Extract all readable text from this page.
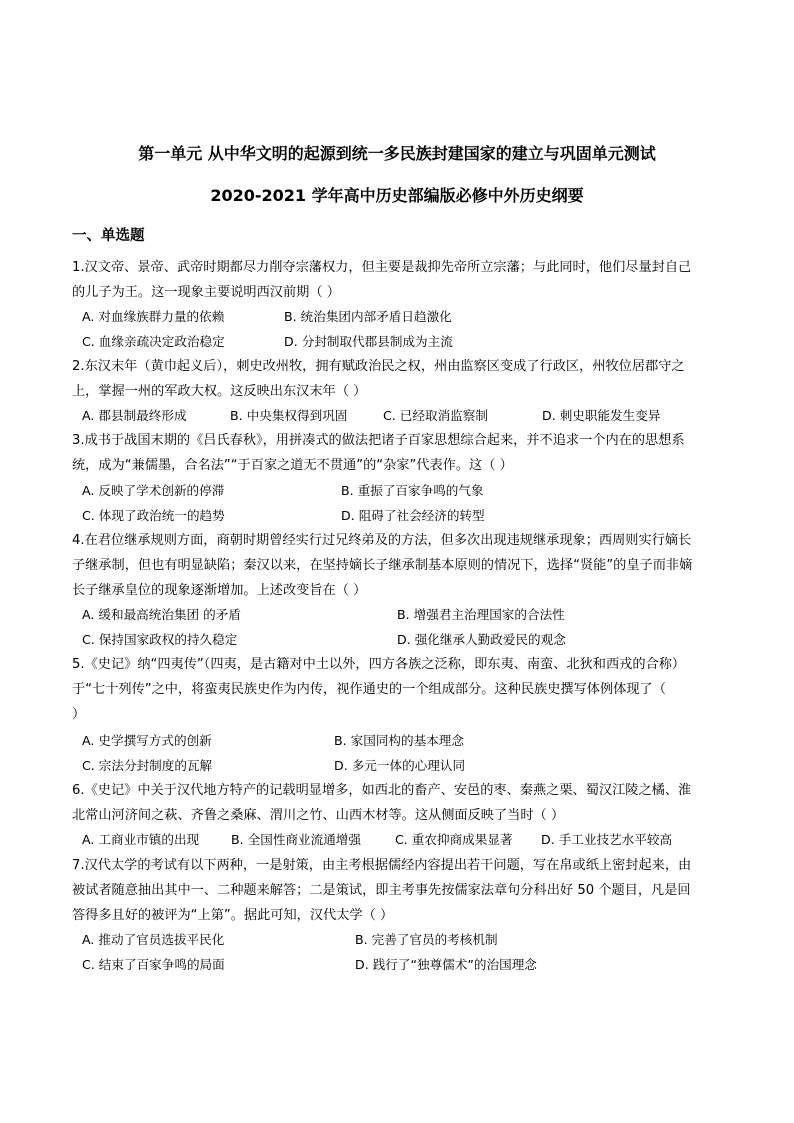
第一单元 从中华文明的起源到统一多民族封建国家的建立与巩固单元测试
2020-2021 学年高中历史部编版必修中外历史纲要
一、单选题
1.汉文帝、景帝、武帝时期都尽力削夺宗藩权力，但主要是裁抑先帝所立宗藩；与此同时，他们尽量封自己
的儿子为王。这一现象主要说明西汉前期（ ）
A. 对血缘族群力量的依赖	B. 统治集团内部矛盾日趋激化
C. 血缘亲疏决定政治稳定	D. 分封制取代郡县制成为主流
2.东汉末年（黄巾起义后），刺史改州牧，拥有赋政治民之权，州由监察区变成了行政区，州牧位居郡守之
上，掌握一州的军政大权。这反映出东汉末年（ ）
A. 郡县制最终形成	B. 中央集权得到巩固	C. 已经取消监察制	D. 刺史职能发生变异
3.成书于战国末期的《吕氏春秋》，用拼凑式的做法把诸子百家思想综合起来，并不追求一个内在的思想系
统，成为“兼儒墨，合名法”“于百家之道无不贯通”的“杂家”代表作。这（ ）
A. 反映了学术创新的停滞	B. 重振了百家争鸣的气象
C. 体现了政治统一的趋势	D. 阻碍了社会经济的转型
4.在君位继承规则方面，商朝时期曾经实行过兄终弟及的方法，但多次出现违规继承现象；西周则实行嫡长
子继承制，但也有明显缺陷；秦汉以来，在坚持嫡长子继承制基本原则的情况下，选择“贤能”的皇子而非嫡
长子继承皇位的现象逐渐增加。上述改变旨在（ ）
A. 缓和最高统治集团 的矛盾	B. 增强君主治理国家的合法性
C. 保持国家政权的持久稳定	D. 强化继承人勤政爱民的观念
5.《史记》纳“四夷传”（四夷，是古籍对中土以外，四方各族之泛称，即东夷、南蛮、北狄和西戎的合称）
于“七十列传”之中，将蛮夷民族史作为内传，视作通史的一个组成部分。这种民族史撰写体例体现了（
）
A. 史学撰写方式的创新	B. 家国同构的基本理念
C. 宗法分封制度的瓦解	D. 多元一体的心理认同
6.《史记》中关于汉代地方特产的记载明显增多，如西北的畜产、安邑的枣、秦燕之栗、蜀汉江陵之橘、淮
北常山河济间之萩、齐鲁之桑麻、渭川之竹、山西木材等。这从侧面反映了当时（ ）
A. 工商业市镇的出现	B. 全国性商业流通增强	C. 重农抑商成果显著 D. 手工业技艺水平较高
7.汉代太学的考试有以下两种，一是射策，由主考根据儒经内容提出若干问题，写在帛或纸上密封起来，由
被试者随意抽出其中一、二种题来解答；二是策试，即主考事先按儒家法章句分科出好 50 个题目，凡是回
答得多且好的被评为“上第”。据此可知，汉代太学（ ）
A. 推动了官员选拔平民化	B. 完善了官员的考核机制
C. 结束了百家争鸣的局面	D. 践行了“独尊儒术”的治国理念
